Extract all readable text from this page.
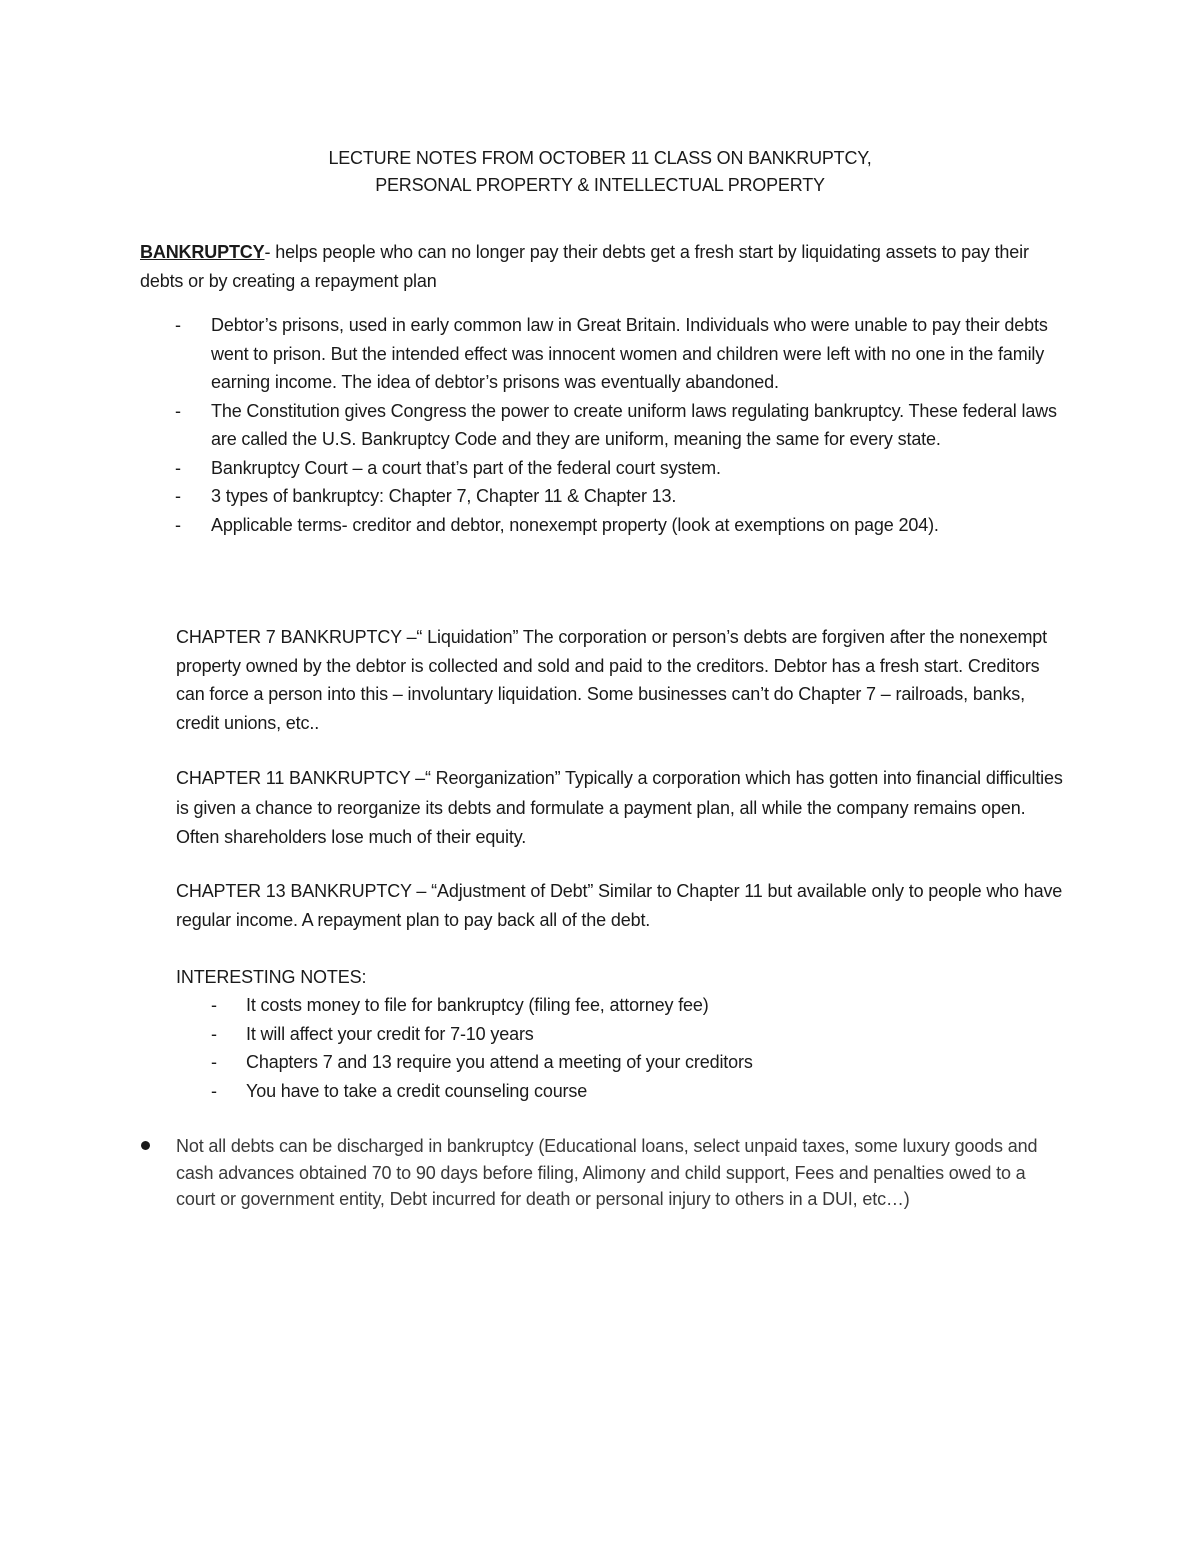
LECTURE NOTES FROM OCTOBER 11 CLASS ON BANKRUPTCY,
PERSONAL PROPERTY & INTELLECTUAL PROPERTY
BANKRUPTCY- helps people who can no longer pay their debts get a fresh start by liquidating assets to pay their debts or by creating a repayment plan
- Debtor’s prisons, used in early common law in Great Britain. Individuals who were unable to pay their debts went to prison. But the intended effect was innocent women and children were left with no one in the family earning income. The idea of debtor’s prisons was eventually abandoned.
- The Constitution gives Congress the power to create uniform laws regulating bankruptcy. These federal laws are called the U.S. Bankruptcy Code and they are uniform, meaning the same for every state.
- Bankruptcy Court – a court that’s part of the federal court system.
- 3 types of bankruptcy: Chapter 7, Chapter 11 & Chapter 13.
- Applicable terms- creditor and debtor, nonexempt property (look at exemptions on page 204).
CHAPTER 7 BANKRUPTCY –“ Liquidation” The corporation or person’s debts are forgiven after the nonexempt property owned by the debtor is collected and sold and paid to the creditors. Debtor has a fresh start. Creditors can force a person into this – involuntary liquidation. Some businesses can’t do Chapter 7 – railroads, banks, credit unions, etc..
CHAPTER 11 BANKRUPTCY –“ Reorganization” Typically a corporation which has gotten into financial difficulties is given a chance to reorganize its debts and formulate a payment plan, all while the company remains open. Often shareholders lose much of their equity.
CHAPTER 13 BANKRUPTCY – “Adjustment of Debt” Similar to Chapter 11 but available only to people who have regular income. A repayment plan to pay back all of the debt.
INTERESTING NOTES:
- It costs money to file for bankruptcy (filing fee, attorney fee)
- It will affect your credit for 7-10 years
- Chapters 7 and 13 require you attend a meeting of your creditors
- You have to take a credit counseling course
Not all debts can be discharged in bankruptcy (Educational loans, select unpaid taxes, some luxury goods and cash advances obtained 70 to 90 days before filing, Alimony and child support, Fees and penalties owed to a court or government entity, Debt incurred for death or personal injury to others in a DUI, etc…)
